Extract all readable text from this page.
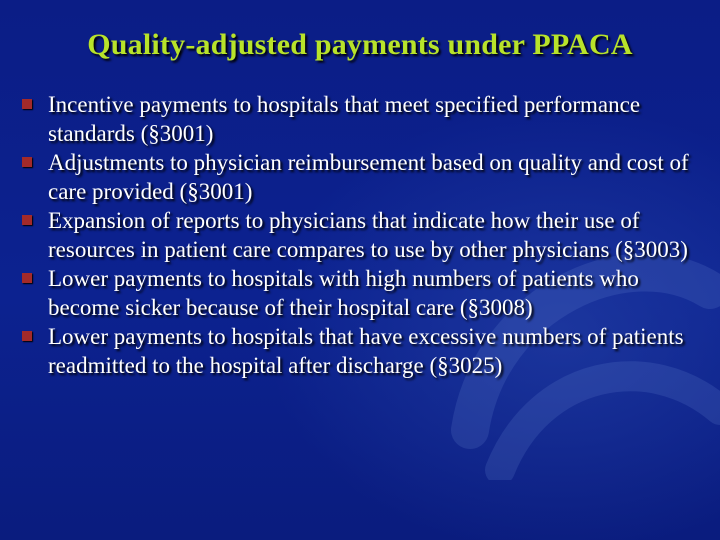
Quality-adjusted payments under PPACA
Incentive payments to hospitals that meet specified performance standards (§3001)
Adjustments to physician reimbursement based on quality and cost of care provided (§3001)
Expansion of reports to physicians that indicate how their use of resources in patient care compares to use by other physicians (§3003)
Lower payments to hospitals with high numbers of patients who become sicker because of their hospital care (§3008)
Lower payments to hospitals that have excessive numbers of patients readmitted to the hospital after discharge (§3025)
